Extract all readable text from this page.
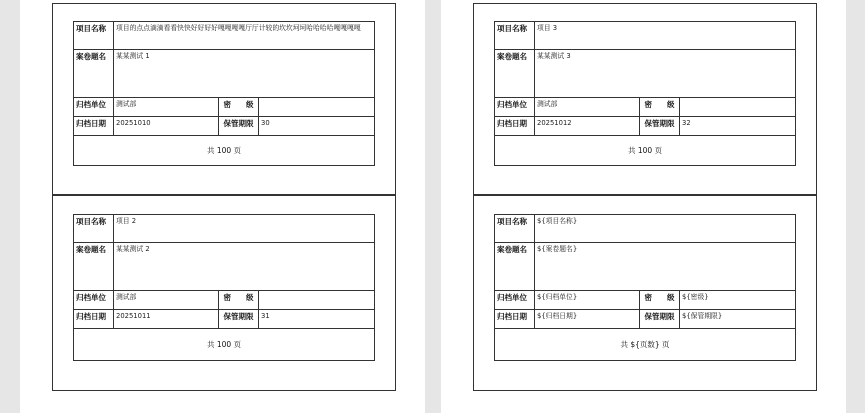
项目名称	项目的点点滴滴看看快快好好好好嘎嘎嘎嘎厅厅计较的坎坎坷坷哈哈哈哈嘎嘎嘎嘎		
案卷题名	某某测试 1		
归档单位	测试部	密　　级	
归档日期	20251010	保管期限	30
共 100 页			
项目名称	项目 2		
案卷题名	某某测试 2		
归档单位	测试部	密　　级	
归档日期	20251011	保管期限	31
共 100 页			
项目名称	项目 3		
案卷题名	某某测试 3		
归档单位	测试部	密　　级	
归档日期	20251012	保管期限	32
共 100 页			
项目名称	${项目名称}		
案卷题名	${案卷题名}		
归档单位	${归档单位}	密　　级	${密级}
归档日期	${归档日期}	保管期限	${保管期限}
共 ${页数} 页			
